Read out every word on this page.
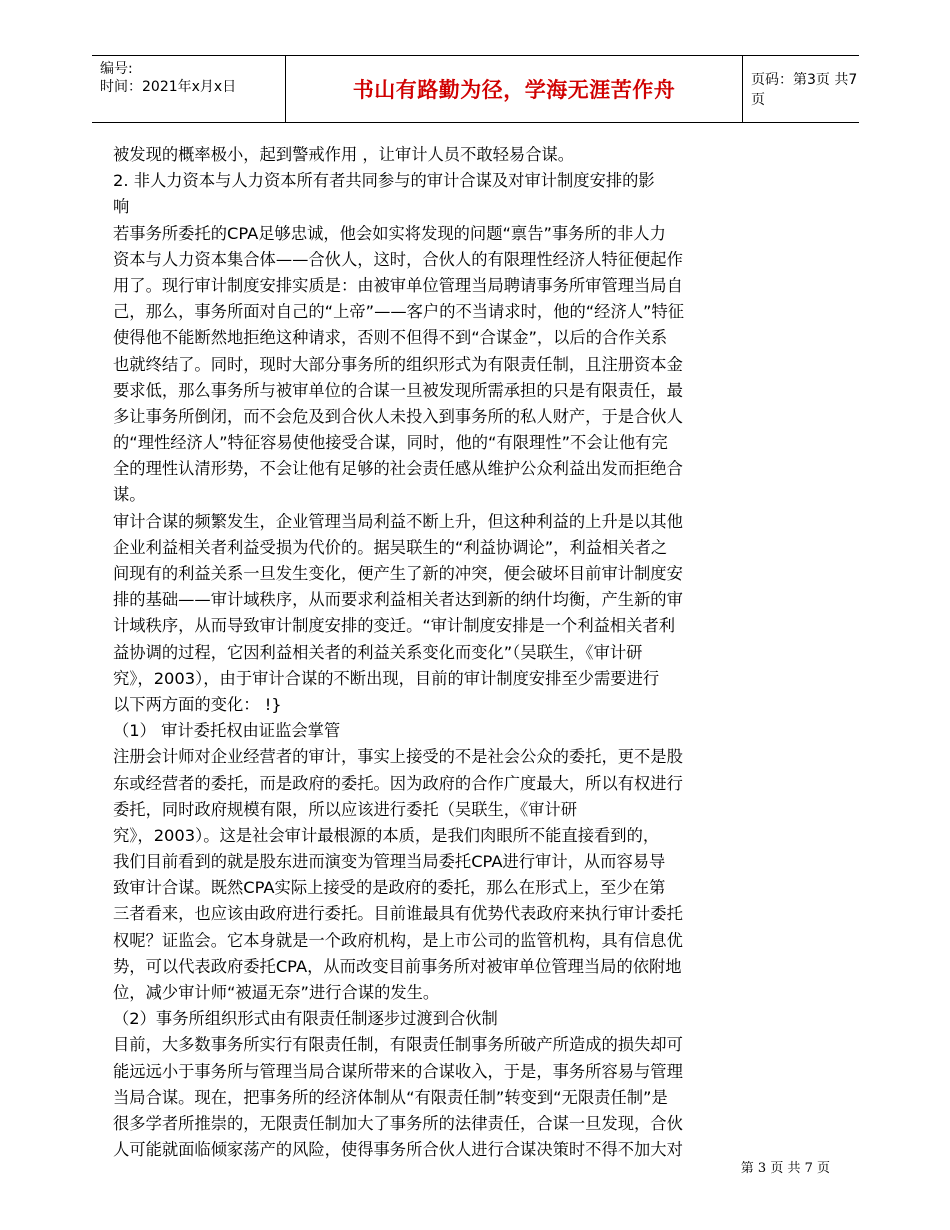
编号:
时间：2021年x月x日	书山有路勤为径，学海无涯苦作舟	页码：第3页 共7页
被发现的概率极小，起到警戒作用 ，让审计人员不敢轻易合谋。
2. 非人力资本与人力资本所有者共同参与的审计合谋及对审计制度安排的影
响
若事务所委托的CPA足够忠诚，他会如实将发现的问题“禀告”事务所的非人力
资本与人力资本集合体——合伙人，这时，合伙人的有限理性经济人特征便起作
用了。现行审计制度安排实质是：由被审单位管理当局聘请事务所审管理当局自
己，那么，事务所面对自己的“上帝”——客户的不当请求时，他的“经济人”特征
使得他不能断然地拒绝这种请求，否则不但得不到“合谋金”，以后的合作关系
也就终结了。同时，现时大部分事务所的组织形式为有限责任制，且注册资本金
要求低，那么事务所与被审单位的合谋一旦被发现所需承担的只是有限责任，最
多让事务所倒闭，而不会危及到合伙人未投入到事务所的私人财产，于是合伙人
的“理性经济人”特征容易使他接受合谋，同时，他的“有限理性”不会让他有完
全的理性认清形势，不会让他有足够的社会责任感从维护公众利益出发而拒绝合
谋。
审计合谋的频繁发生，企业管理当局利益不断上升，但这种利益的上升是以其他
企业利益相关者利益受损为代价的。据吴联生的“利益协调论”，利益相关者之
间现有的利益关系一旦发生变化，便产生了新的冲突，便会破坏目前审计制度安
排的基础——审计域秩序，从而要求利益相关者达到新的纳什均衡，产生新的审
计域秩序，从而导致审计制度安排的变迁。“审计制度安排是一个利益相关者利
益协调的过程，它因利益相关者的利益关系变化而变化”（吴联生，《审计研
究》，2003），由于审计合谋的不断出现，目前的审计制度安排至少需要进行
以下两方面的变化： !}
（1） 审计委托权由证监会掌管
注册会计师对企业经营者的审计，事实上接受的不是社会公众的委托，更不是股
东或经营者的委托，而是政府的委托。因为政府的合作广度最大，所以有权进行
委托，同时政府规模有限，所以应该进行委托（吴联生，《审计研
究》，2003）。这是社会审计最根源的本质，是我们肉眼所不能直接看到的，
我们目前看到的就是股东进而演变为管理当局委托CPA进行审计，从而容易导
致审计合谋。既然CPA实际上接受的是政府的委托，那么在形式上，至少在第
三者看来，也应该由政府进行委托。目前谁最具有优势代表政府来执行审计委托
权呢？证监会。它本身就是一个政府机构，是上市公司的监管机构，具有信息优
势，可以代表政府委托CPA，从而改变目前事务所对被审单位管理当局的依附地
位，减少审计师“被逼无奈”进行合谋的发生。
（2）事务所组织形式由有限责任制逐步过渡到合伙制
目前，大多数事务所实行有限责任制，有限责任制事务所破产所造成的损失却可
能远远小于事务所与管理当局合谋所带来的合谋收入，于是，事务所容易与管理
当局合谋。现在，把事务所的经济体制从“有限责任制”转变到“无限责任制”是
很多学者所推崇的，无限责任制加大了事务所的法律责任，合谋一旦发现，合伙
人可能就面临倾家荡产的风险，使得事务所合伙人进行合谋决策时不得不加大对
第 3 页 共 7 页
